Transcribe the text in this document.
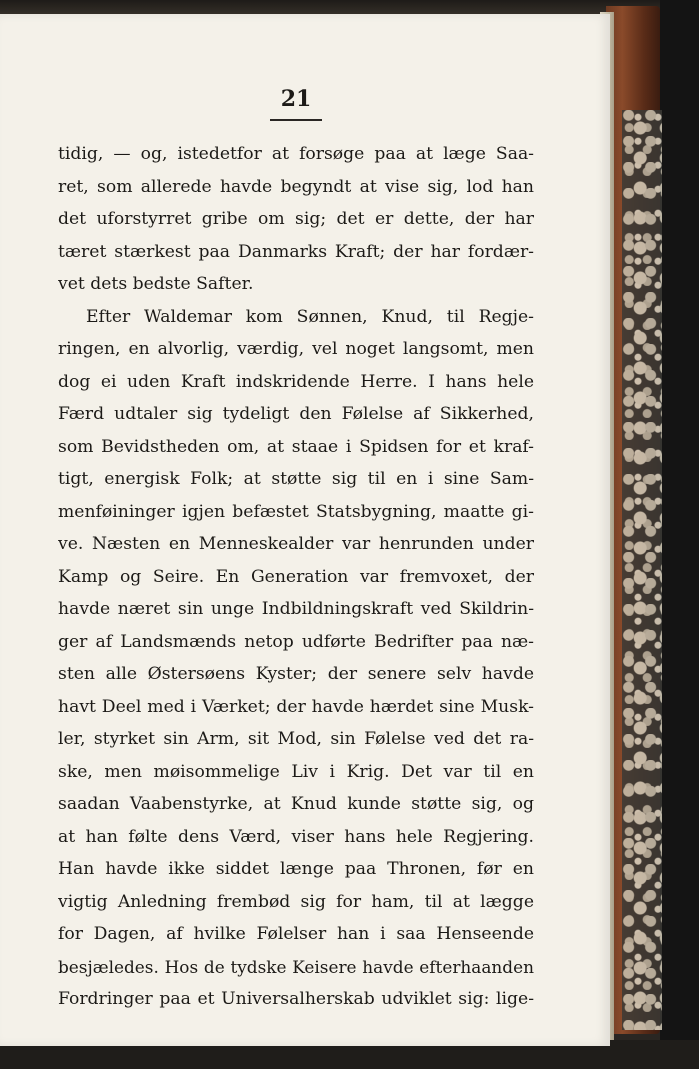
21
tidig, — og, istedetfor at forsøge paa at læge Saa-
ret, som allerede havde begyndt at vise sig, lod han
det uforstyrret gribe om sig; det er dette, der har
tæret stærkest paa Danmarks Kraft; der har fordær-
vet dets bedste Safter.
Efter Waldemar kom Sønnen, Knud, til Regje-
ringen, en alvorlig, værdig, vel noget langsomt, men
dog ei uden Kraft indskridende Herre. I hans hele
Færd udtaler sig tydeligt den Følelse af Sikkerhed,
som Bevidstheden om, at staae i Spidsen for et kraf-
tigt, energisk Folk; at støtte sig til en i sine Sam-
menføininger igjen befæstet Statsbygning, maatte gi-
ve. Næsten en Menneskealder var henrunden under
Kamp og Seire. En Generation var fremvoxet, der
havde næret sin unge Indbildningskraft ved Skildrin-
ger af Landsmænds netop udførte Bedrifter paa næ-
sten alle Østersøens Kyster; der senere selv havde
havt Deel med i Værket; der havde hærdet sine Musk-
ler, styrket sin Arm, sit Mod, sin Følelse ved det ra-
ske, men møisommelige Liv i Krig. Det var til en
saadan Vaabenstyrke, at Knud kunde støtte sig, og
at han følte dens Værd, viser hans hele Regjering.
Han havde ikke siddet længe paa Thronen, før en
vigtig Anledning frembød sig for ham, til at lægge
for Dagen, af hvilke Følelser han i saa Henseende
besjæledes. Hos de tydske Keisere havde efterhaanden
Fordringer paa et Universalherskab udviklet sig: lige-
